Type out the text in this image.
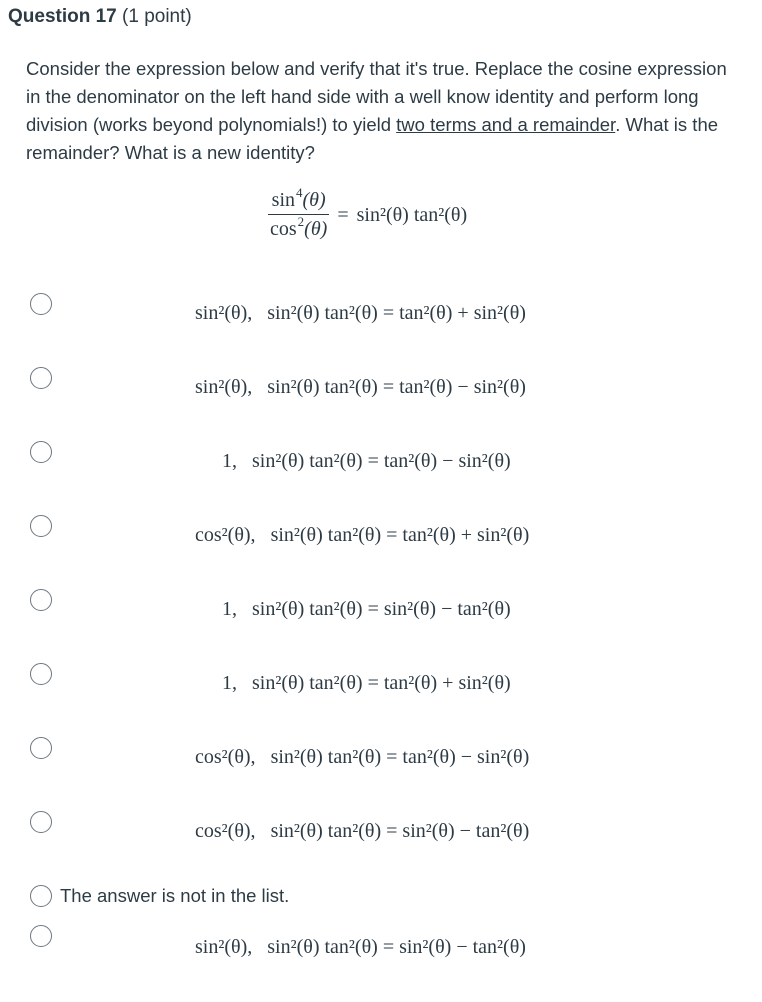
Question 17 (1 point)
Consider the expression below and verify that it's true. Replace the cosine expression in the denominator on the left hand side with a well know identity and perform long division (works beyond polynomials!) to yield two terms and a remainder. What is the remainder? What is a new identity?
$\frac{\sin^4(\theta)}{\cos^2(\theta)} = \sin^2(\theta)$ tan²(θ)
sin²(θ), sin²(θ) tan²(θ) = tan²(θ) + sin²(θ)
sin²(θ), sin²(θ) tan²(θ) = tan²(θ) − sin²(θ)
1, sin²(θ) tan²(θ) = tan²(θ) − sin²(θ)
cos²(θ), sin²(θ) tan²(θ) = tan²(θ) + sin²(θ)
1, sin²(θ) tan²(θ) = sin²(θ) − tan²(θ)
1, sin²(θ) tan²(θ) = tan²(θ) + sin²(θ)
cos²(θ), sin²(θ) tan²(θ) = tan²(θ) − sin²(θ)
cos²(θ), sin²(θ) tan²(θ) = sin²(θ) − tan²(θ)
The answer is not in the list.
sin²(θ), sin²(θ) tan²(θ) = sin²(θ) − tan²(θ)
